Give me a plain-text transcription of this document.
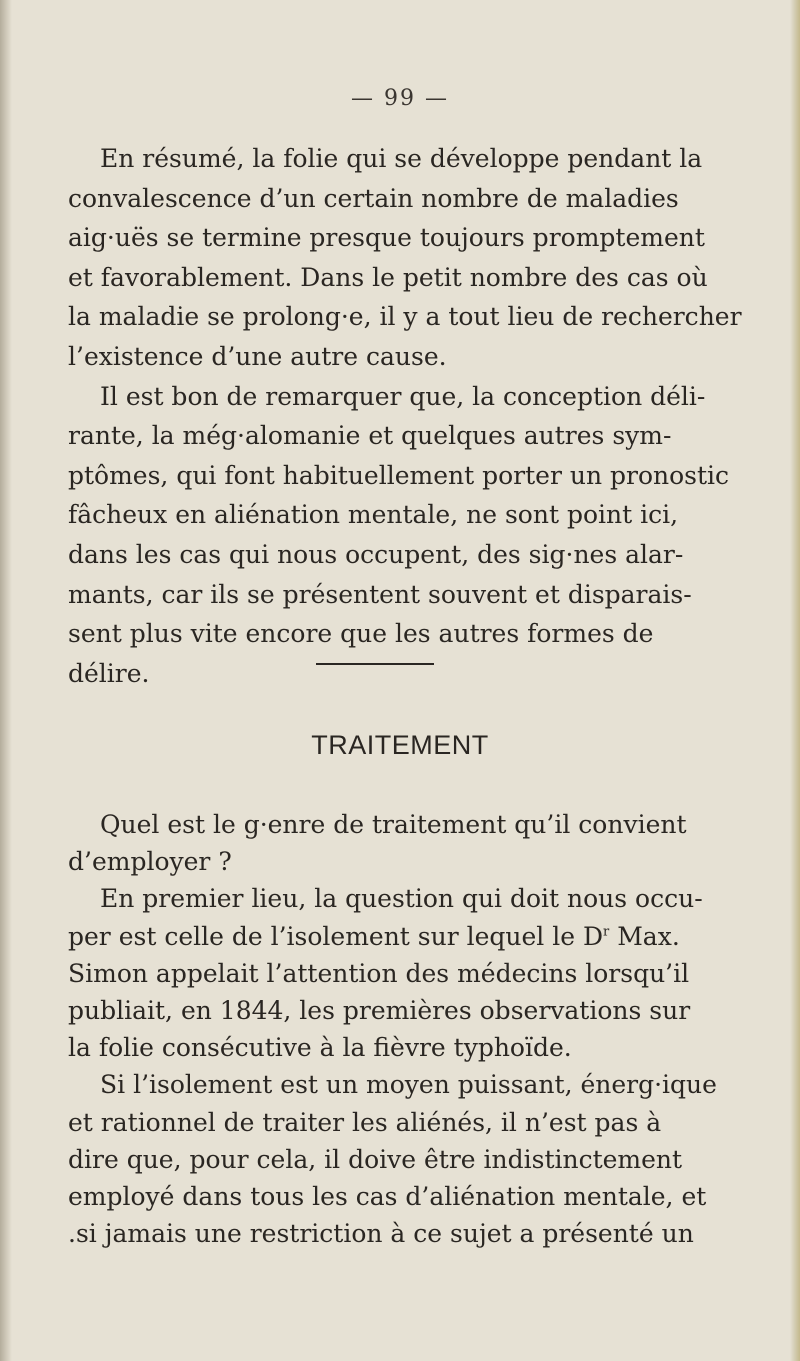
— 99 —
En résumé, la folie qui se développe pendant la
convalescence d’un certain nombre de maladies
aig·uës se termine presque toujours promptement
et favorablement. Dans le petit nombre des cas où
la maladie se prolong·e, il y a tout lieu de rechercher
l’existence d’une autre cause.
Il est bon de remarquer que, la conception déli-
rante, la még·alomanie et quelques autres sym-
ptômes, qui font habituellement porter un pronostic
fâcheux en aliénation mentale, ne sont point ici,
dans les cas qui nous occupent, des sig·nes alar-
mants, car ils se présentent souvent et disparais-
sent plus vite encore que les autres formes de
délire.
TRAITEMENT
Quel est le g·enre de traitement qu’il convient
d’employer ?
En premier lieu, la question qui doit nous occu-
per est celle de l’isolement sur lequel le $D^r$ Max.
Simon appelait l’attention des médecins lorsqu’il
publiait, en 1844, les premières observations sur
la folie consécutive à la fièvre typhoïde.
Si l’isolement est un moyen puissant, énerg·ique
et rationnel de traiter les aliénés, il n’est pas à
dire que, pour cela, il doive être indistinctement
employé dans tous les cas d’aliénation mentale, et
.si jamais une restriction à ce sujet a présenté un
